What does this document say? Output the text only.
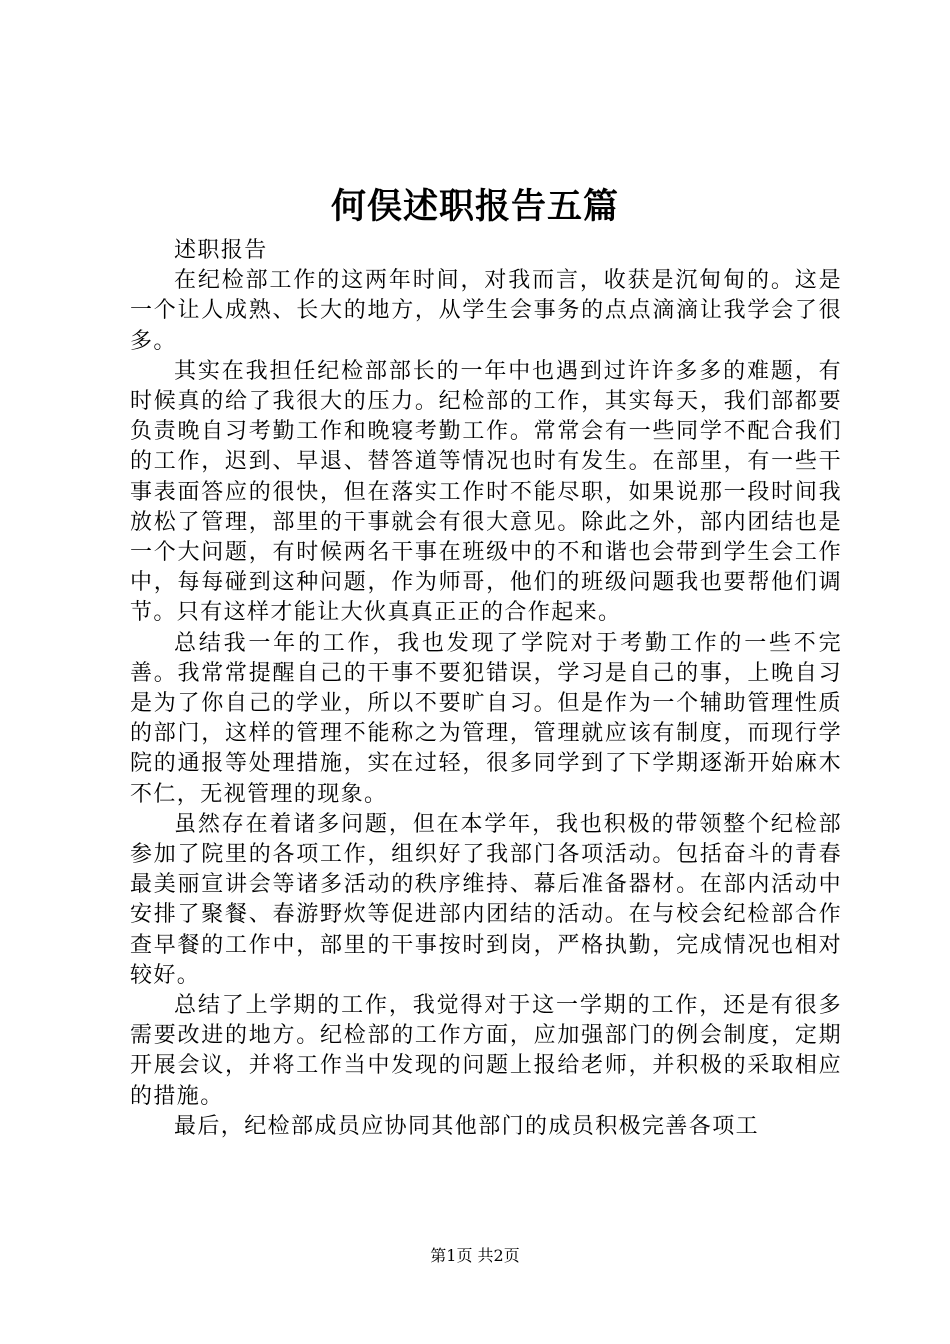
何俣述职报告五篇

述职报告

在纪检部工作的这两年时间，对我而言，收获是沉甸甸的。这是一个让人成熟、长大的地方，从学生会事务的点点滴滴让我学会了很多。

其实在我担任纪检部部长的一年中也遇到过许许多多的难题，有时候真的给了我很大的压力。纪检部的工作，其实每天，我们部都要负责晚自习考勤工作和晚寝考勤工作。常常会有一些同学不配合我们的工作，迟到、早退、替答道等情况也时有发生。在部里，有一些干事表面答应的很快，但在落实工作时不能尽职，如果说那一段时间我放松了管理，部里的干事就会有很大意见。除此之外，部内团结也是一个大问题，有时候两名干事在班级中的不和谐也会带到学生会工作中，每每碰到这种问题，作为师哥，他们的班级问题我也要帮他们调节。只有这样才能让大伙真真正正的合作起来。

总结我一年的工作，我也发现了学院对于考勤工作的一些不完善。我常常提醒自己的干事不要犯错误，学习是自己的事，上晚自习是为了你自己的学业，所以不要旷自习。但是作为一个辅助管理性质的部门，这样的管理不能称之为管理，管理就应该有制度，而现行学院的通报等处理措施，实在过轻，很多同学到了下学期逐渐开始麻木不仁，无视管理的现象。

虽然存在着诸多问题，但在本学年，我也积极的带领整个纪检部参加了院里的各项工作，组织好了我部门各项活动。包括奋斗的青春最美丽宣讲会等诸多活动的秩序维持、幕后准备器材。在部内活动中安排了聚餐、春游野炊等促进部内团结的活动。在与校会纪检部合作查早餐的工作中，部里的干事按时到岗，严格执勤，完成情况也相对较好。

总结了上学期的工作，我觉得对于这一学期的工作，还是有很多需要改进的地方。纪检部的工作方面，应加强部门的例会制度，定期开展会议，并将工作当中发现的问题上报给老师，并积极的采取相应的措施。

最后，纪检部成员应协同其他部门的成员积极完善各项工

第1页 共2页
